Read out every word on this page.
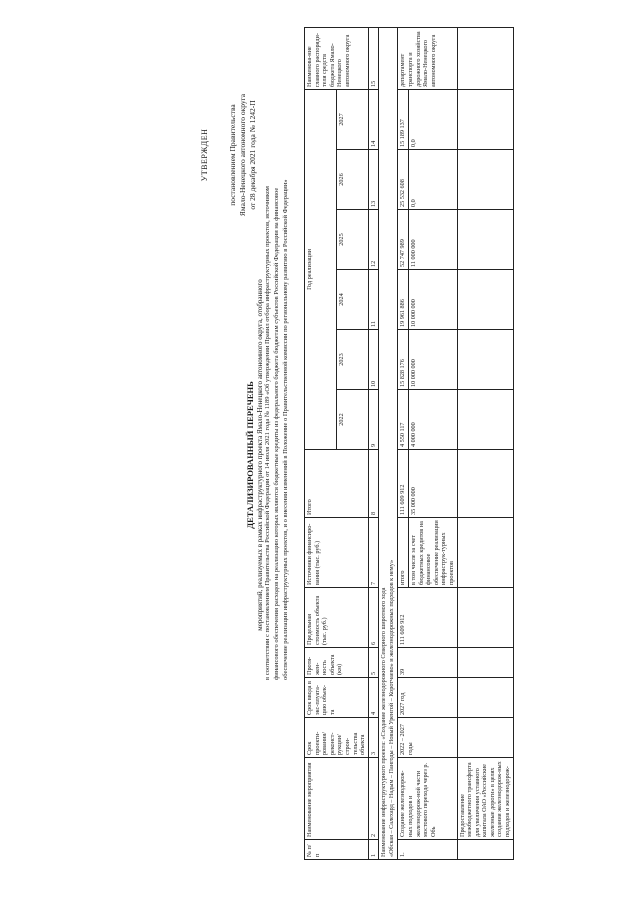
УТВЕРЖДЕН	постановлением Правительства Ямало-Ненецкого автономного округа от 28 декабря 2021 года № 1242-П
ДЕТАЛИЗИРОВАННЫЙ ПЕРЕЧЕНЬ мероприятий, реализуемых в рамках инфраструктурного проекта Ямало-Ненецкого автономного округа, отобранного в соответствии с постановлением Правительства Российской Федерации от 14 июля 2021 года № 1189 «Об утверждении Правил отбора инфраструктурных проектов, источником финансового обеспечения расходов на реализацию которых являются бюджетные кредиты из федерального бюджета бюджетам субъектов Российской Федерации на финансовое обеспечение реализации инфраструктурных проектов, и о внесении изменений в Положение о Правительственной комиссии по региональному развитию в Российской Федерации»
№ п/п	Наименование мероприятия	Срок проекти-рования/ реконст-рукции/ строи-тельства объекта	Срок ввода в экс-плуата-цию объек-та	Протя-жен-ность объекта (км)	Предельная стоимость объекта (тыс. руб.)	Источники финансиро-вания (тыс. руб.)	Итого	Год реализации						Наименова-ние главного распоряди-теля средств бюджета Ямало-Ненецкого автономного округа
								2022	2023	2024	2025	2026	2027	
1	2	3	4	5	6	7	8	9	10	11	12	13	14	15

Наименование инфраструктурного проекта: «Создание железнодорожного Северного широтного хода «Обская – Салехард – Надым – Пангоды – Новый Уренгой – Коротчаево» и железнодорожных подходов к нему»														

1.	Создание железнодорож-ных подходов и железнодорож-ной части мостового перехода через р. Обь	2022 – 2027 годы	2027 год	39	111 609 912	итого	111 609 912	4 550 117	15 828 176	19 961 886	52 747 989	25 532 608	15 189 137	департамент транспорта и дорожного хозяйства Ямало-Ненецкого автономного округа
						в том числе за счет бюджетных кредитов на финансовое обеспечение реализации инфраструк-турных проектов	35 000 000	4 000 000	10 000 000	10 000 000	11 000 000	0,0	0,0	
	Предоставление межбюджетного трансферта для увеличения уставного капитала ОАО «Российские железные дороги» в целях создания железнодорож-ных подходов и железнодорож-													
